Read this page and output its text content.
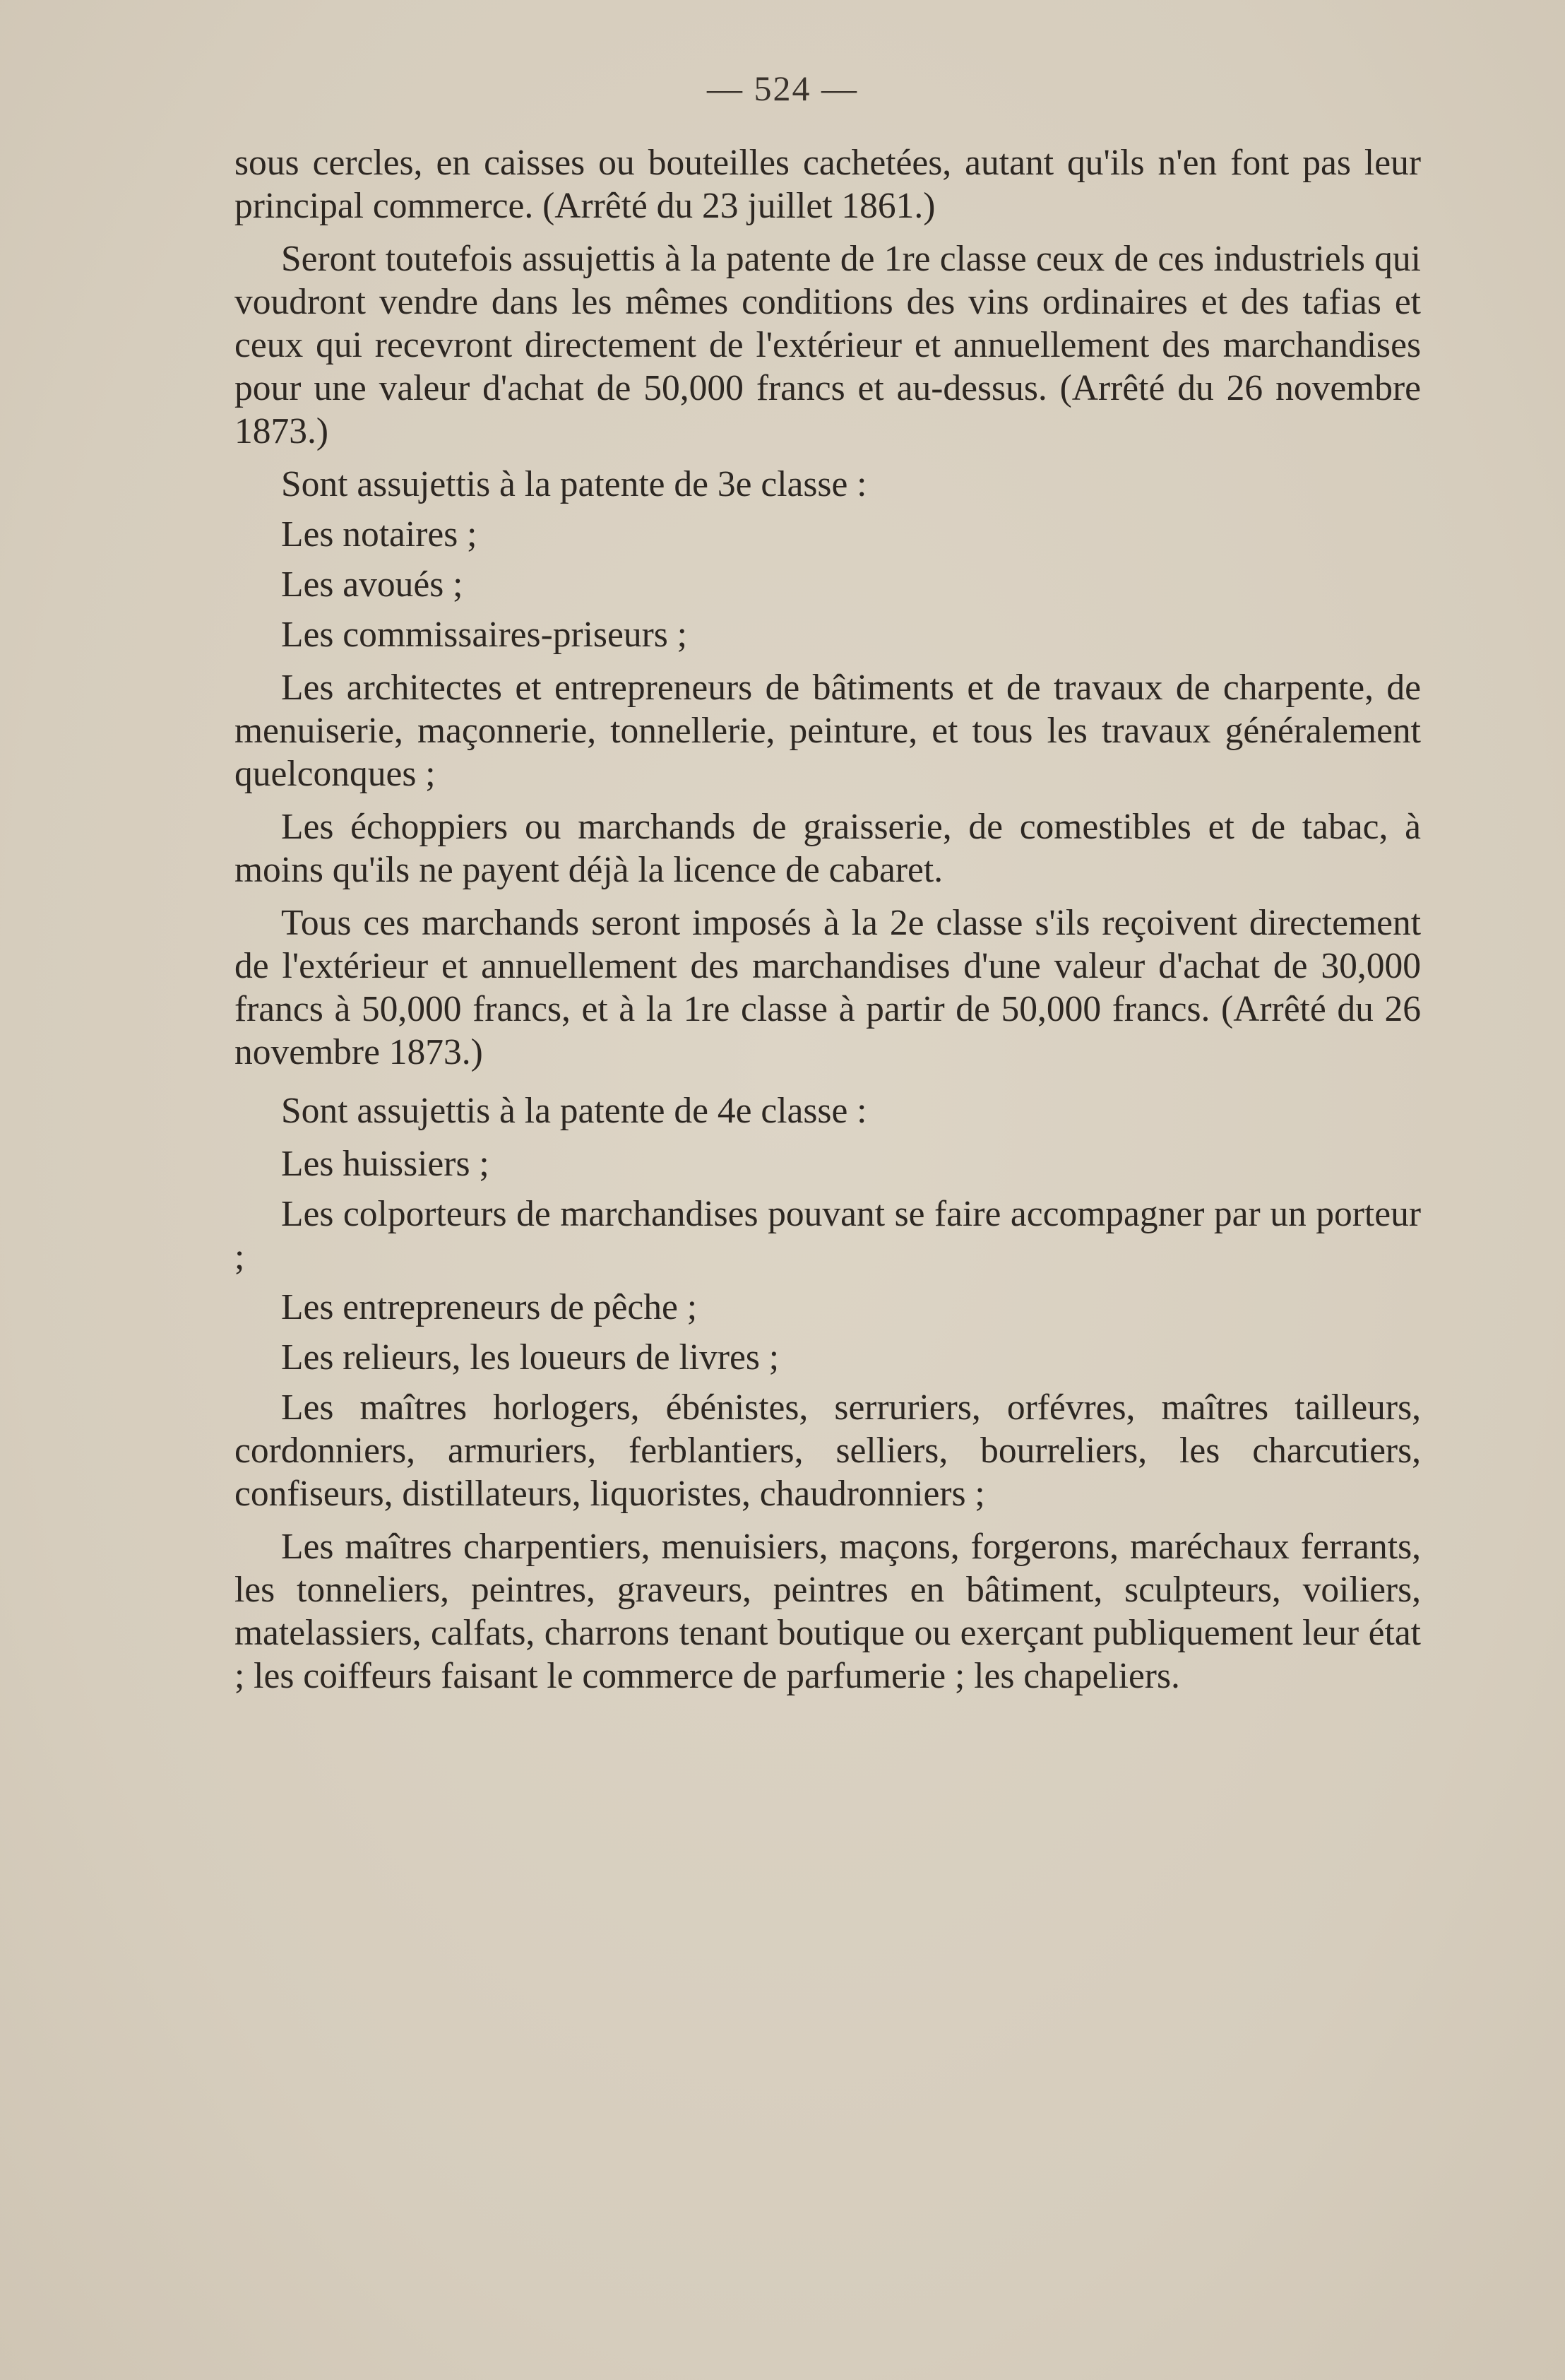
— 524 —

sous cercles, en caisses ou bouteilles cachetées, autant qu'ils n'en font pas leur principal commerce. (Arrêté du 23 juillet 1861.)

Seront toutefois assujettis à la patente de 1re classe ceux de ces industriels qui voudront vendre dans les mêmes conditions des vins ordinaires et des tafias et ceux qui recevront directement de l'extérieur et annuellement des marchandises pour une valeur d'achat de 50,000 francs et au-dessus. (Arrêté du 26 novembre 1873.)

Sont assujettis à la patente de 3e classe :

Les notaires ;

Les avoués ;

Les commissaires-priseurs ;

Les architectes et entrepreneurs de bâtiments et de travaux de charpente, de menuiserie, maçonnerie, tonnellerie, peinture, et tous les travaux généralement quelconques ;

Les échoppiers ou marchands de graisserie, de comestibles et de tabac, à moins qu'ils ne payent déjà la licence de cabaret.

Tous ces marchands seront imposés à la 2e classe s'ils reçoivent directement de l'extérieur et annuellement des marchandises d'une valeur d'achat de 30,000 francs à 50,000 francs, et à la 1re classe à partir de 50,000 francs. (Arrêté du 26 novembre 1873.)

Sont assujettis à la patente de 4e classe :

Les huissiers ;

Les colporteurs de marchandises pouvant se faire accompagner par un porteur ;

Les entrepreneurs de pêche ;

Les relieurs, les loueurs de livres ;

Les maîtres horlogers, ébénistes, serruriers, orfévres, maîtres tailleurs, cordonniers, armuriers, ferblantiers, selliers, bourreliers, les charcutiers, confiseurs, distillateurs, liquoristes, chaudronniers ;

Les maîtres charpentiers, menuisiers, maçons, forgerons, maréchaux ferrants, les tonneliers, peintres, graveurs, peintres en bâtiment, sculpteurs, voiliers, matelassiers, calfats, charrons tenant boutique ou exerçant publiquement leur état ; les coiffeurs faisant le commerce de parfumerie ; les chapeliers.
